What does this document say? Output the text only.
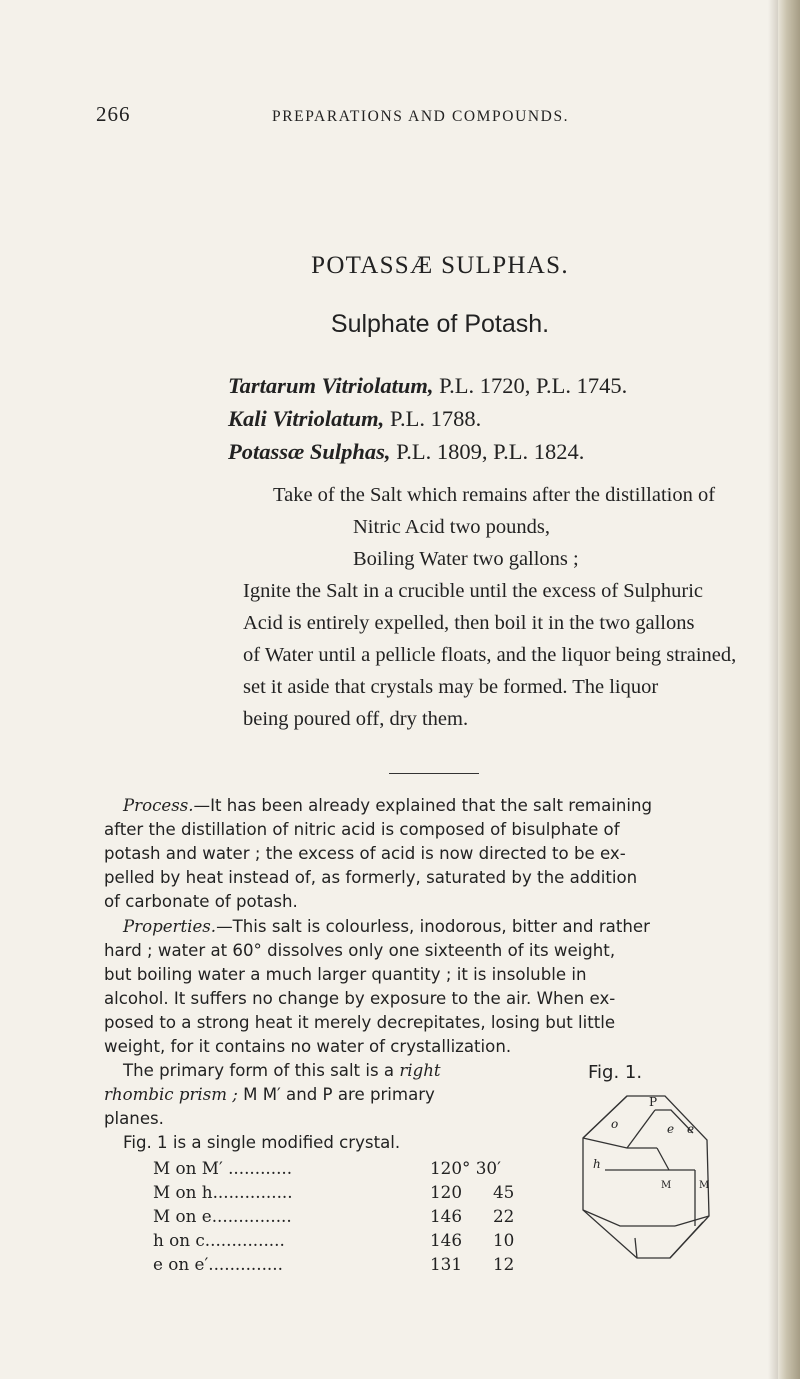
266	PREPARATIONS AND COMPOUNDS.
POTASSÆ SULPHAS.
Sulphate of Potash.
Tartarum Vitriolatum, P.L. 1720, P.L. 1745.
Kali Vitriolatum, P.L. 1788.
Potassæ Sulphas, P.L. 1809, P.L. 1824.
Take of the Salt which remains after the distillation of
Nitric Acid two pounds,
Boiling Water two gallons ;
Ignite the Salt in a crucible until the excess of Sulphuric
Acid is entirely expelled, then boil it in the two gallons
of Water until a pellicle floats, and the liquor being strained,
set it aside that crystals may be formed. The liquor
being poured off, dry them.
Process.—It has been already explained that the salt remaining
after the distillation of nitric acid is composed of bisulphate of
potash and water ; the excess of acid is now directed to be ex-
pelled by heat instead of, as formerly, saturated by the addition
of carbonate of potash.
Properties.—This salt is colourless, inodorous, bitter and rather
hard ; water at 60° dissolves only one sixteenth of its weight,
but boiling water a much larger quantity ; it is insoluble in
alcohol. It suffers no change by exposure to the air. When ex-
posed to a strong heat it merely decrepitates, losing but little
weight, for it contains no water of crystallization.
The primary form of this salt is a right
rhombic prism ; M M′ and P are primary
planes.
Fig. 1 is a single modified crystal.
M on M′ ............	120° 30′
M on h...............	120 45
M on e...............	146 22
h on c...............	146 10
e on e′..............	131 12
Fig. 1.
P
o	e e
h
M	M
